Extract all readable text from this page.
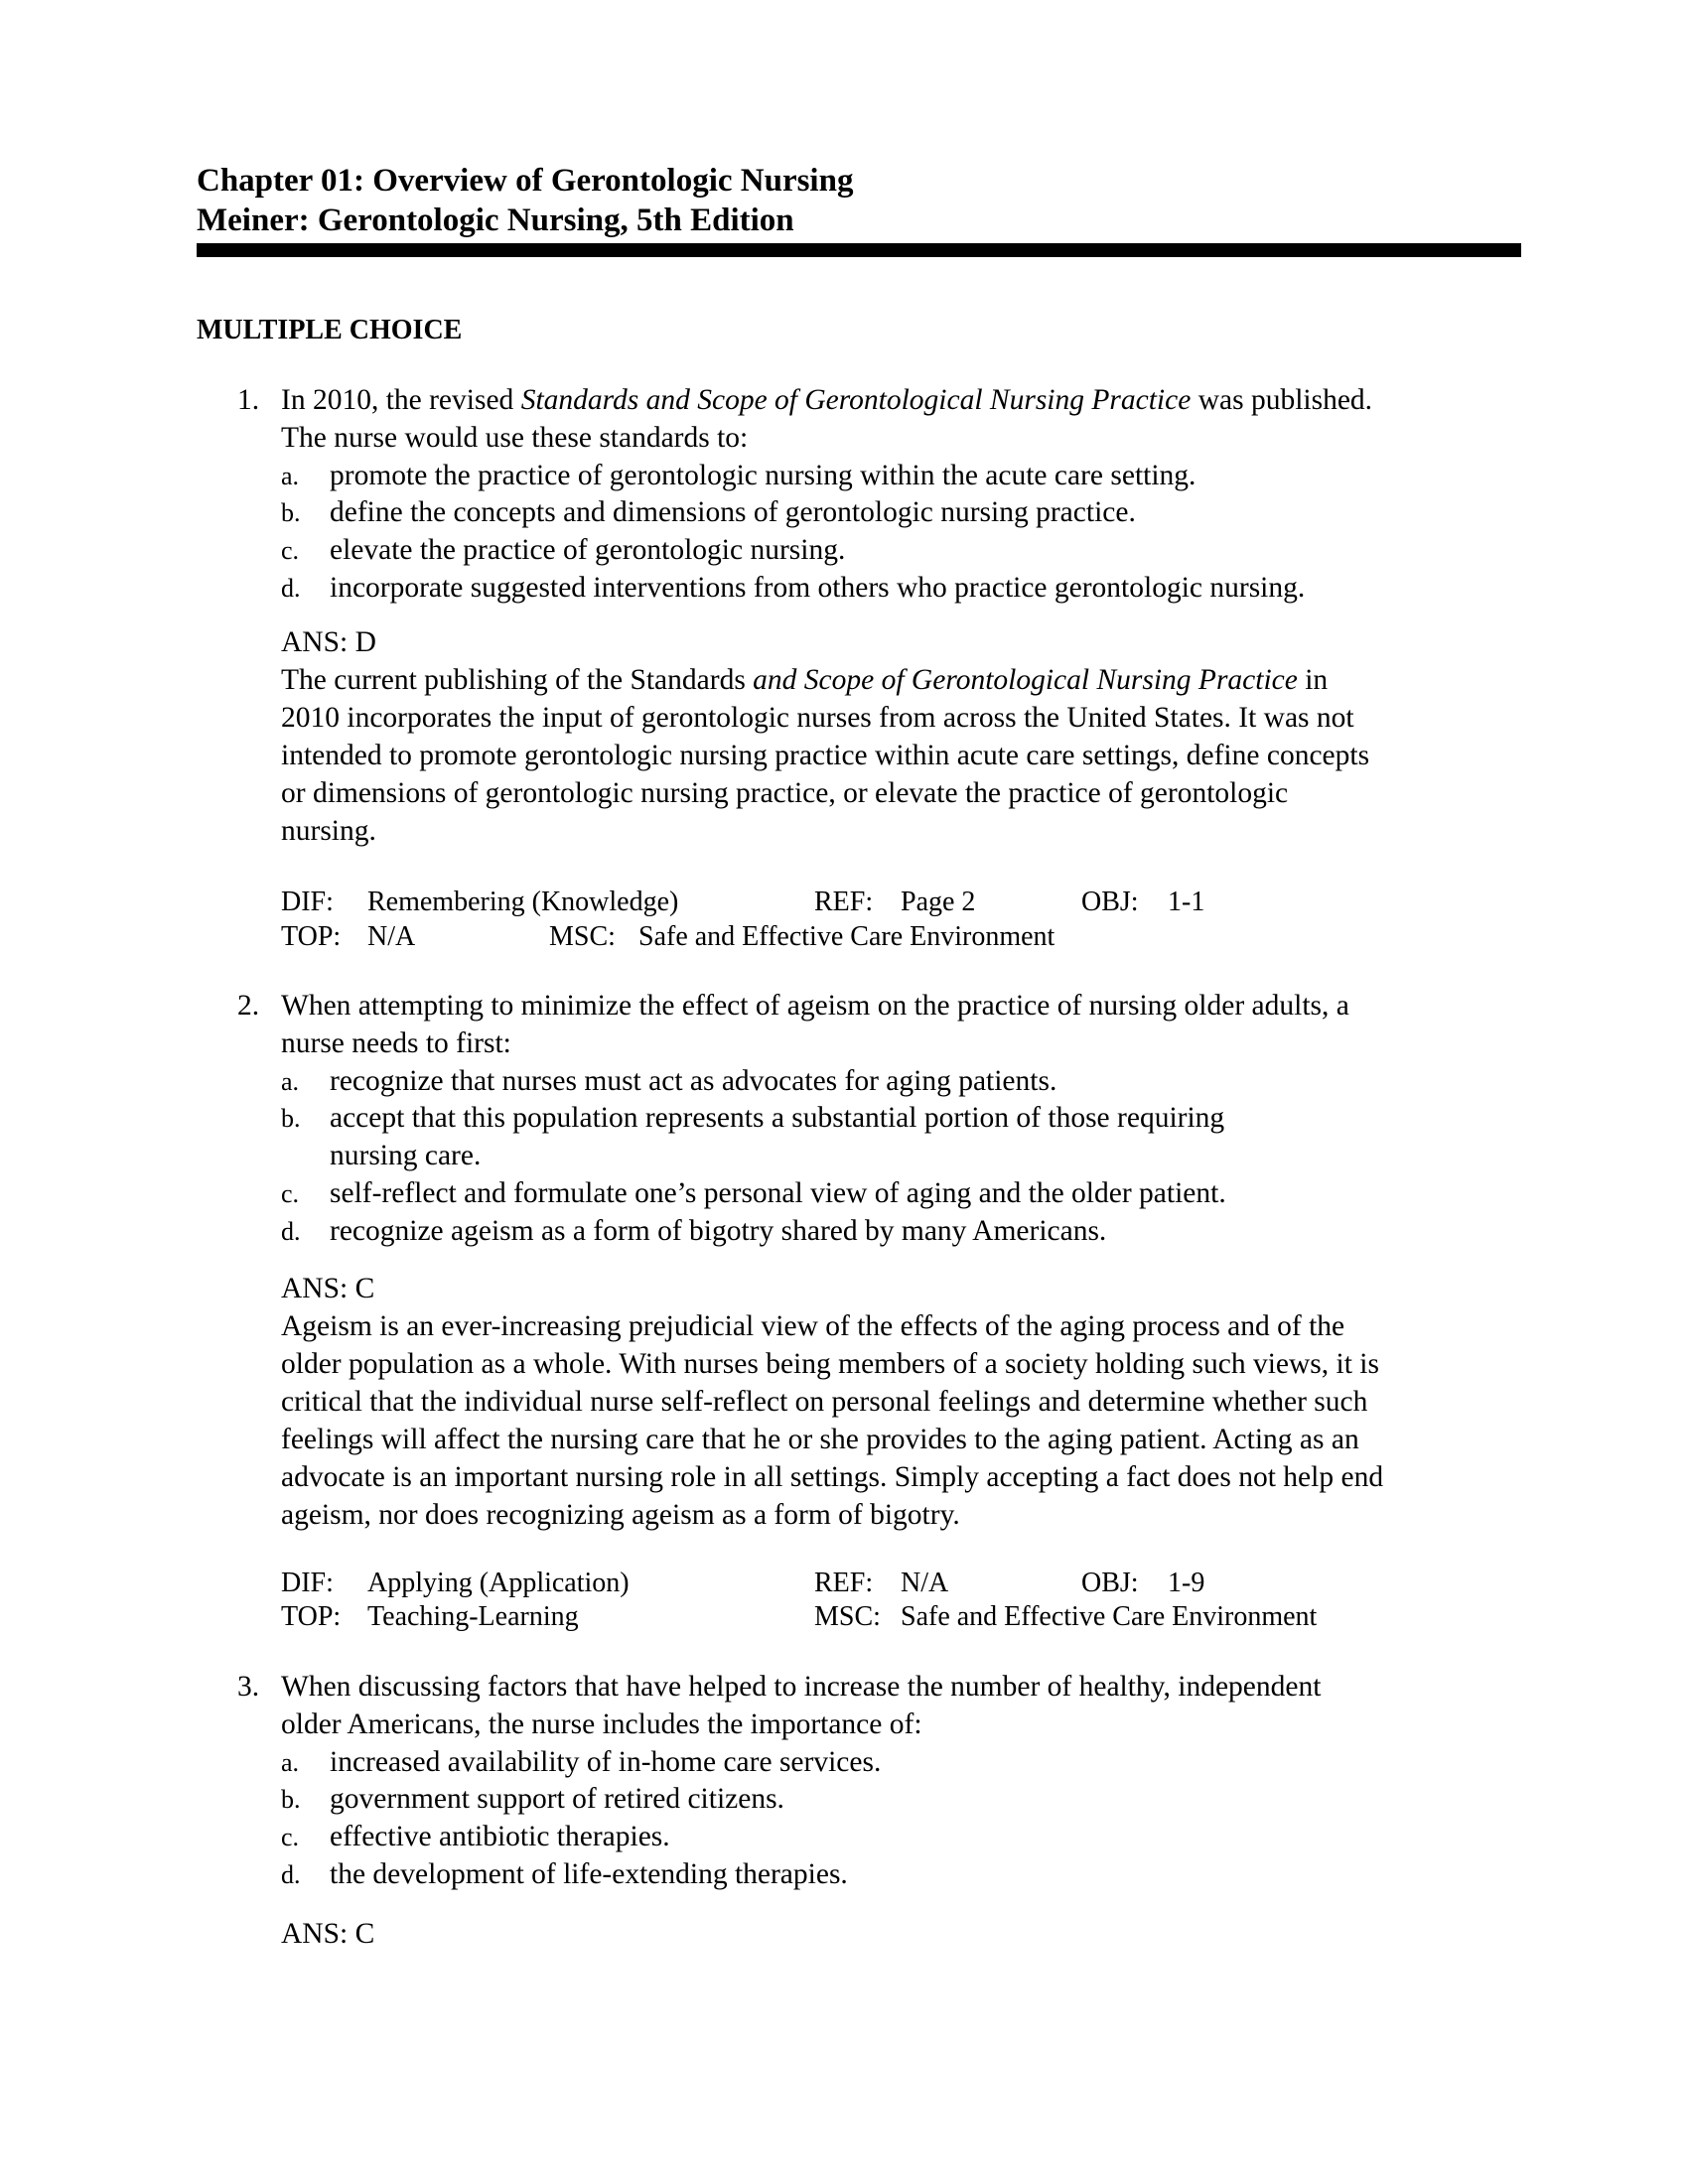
Chapter 01: Overview of Gerontologic Nursing
Meiner: Gerontologic Nursing, 5th Edition
MULTIPLE CHOICE
1. In 2010, the revised Standards and Scope of Gerontological Nursing Practice was published.
The nurse would use these standards to:
a. promote the practice of gerontologic nursing within the acute care setting.
b. define the concepts and dimensions of gerontologic nursing practice.
c. elevate the practice of gerontologic nursing.
d. incorporate suggested interventions from others who practice gerontologic nursing.
ANS: D
The current publishing of the Standards and Scope of Gerontological Nursing Practice in
2010 incorporates the input of gerontologic nurses from across the United States. It was not
intended to promote gerontologic nursing practice within acute care settings, define concepts
or dimensions of gerontologic nursing practice, or elevate the practice of gerontologic
nursing.
DIF: Remembering (Knowledge)	REF: Page 2	OBJ: 1-1
TOP: N/A	MSC: Safe and Effective Care Environment
2. When attempting to minimize the effect of ageism on the practice of nursing older adults, a
nurse needs to first:
a. recognize that nurses must act as advocates for aging patients.
b. accept that this population represents a substantial portion of those requiring
nursing care.
c. self-reflect and formulate one’s personal view of aging and the older patient.
d. recognize ageism as a form of bigotry shared by many Americans.
ANS: C
Ageism is an ever-increasing prejudicial view of the effects of the aging process and of the
older population as a whole. With nurses being members of a society holding such views, it is
critical that the individual nurse self-reflect on personal feelings and determine whether such
feelings will affect the nursing care that he or she provides to the aging patient. Acting as an
advocate is an important nursing role in all settings. Simply accepting a fact does not help end
ageism, nor does recognizing ageism as a form of bigotry.
DIF: Applying (Application)	REF: N/A	OBJ: 1-9
TOP: Teaching-Learning	MSC: Safe and Effective Care Environment
3. When discussing factors that have helped to increase the number of healthy, independent
older Americans, the nurse includes the importance of:
a. increased availability of in-home care services.
b. government support of retired citizens.
c. effective antibiotic therapies.
d. the development of life-extending therapies.
ANS: C
